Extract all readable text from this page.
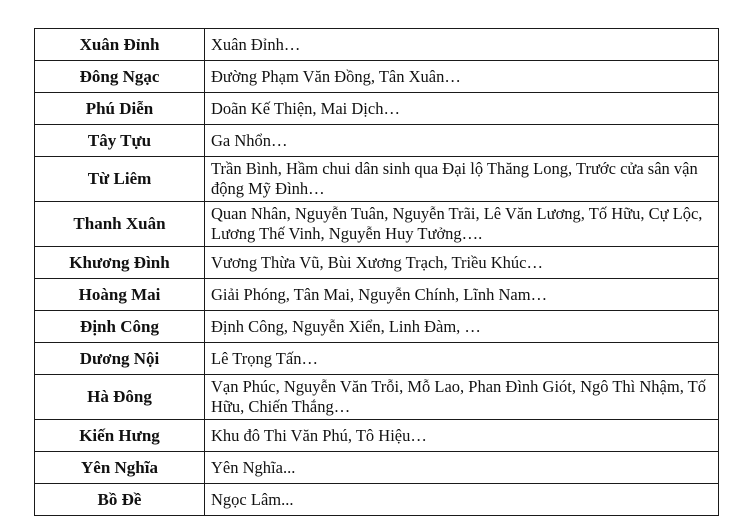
Xuân Đỉnh	Xuân Đỉnh…
Đông Ngạc	Đường Phạm Văn Đồng, Tân Xuân…
Phú Diễn	Doãn Kế Thiện, Mai Dịch…
Tây Tựu	Ga Nhổn…
Từ Liêm	Trần Bình, Hầm chui dân sinh qua Đại lộ Thăng Long, Trước cửa sân vận động Mỹ Đình…
Thanh Xuân	Quan Nhân, Nguyễn Tuân, Nguyễn Trãi, Lê Văn Lương, Tố Hữu, Cự Lộc, Lương Thế Vinh, Nguyễn Huy Tưởng….
Khương Đình	Vương Thừa Vũ, Bùi Xương Trạch, Triều Khúc…
Hoàng Mai	Giải Phóng, Tân Mai, Nguyễn Chính, Lĩnh Nam…
Định Công	Định Công, Nguyễn Xiển, Linh Đàm, …
Dương Nội	Lê Trọng Tấn…
Hà Đông	Vạn Phúc, Nguyễn Văn Trỗi, Mỗ Lao, Phan Đình Giót, Ngô Thì Nhậm, Tố Hữu, Chiến Thắng…
Kiến Hưng	Khu đô Thi Văn Phú, Tô Hiệu…
Yên Nghĩa	Yên Nghĩa...
Bồ Đề	Ngọc Lâm...
